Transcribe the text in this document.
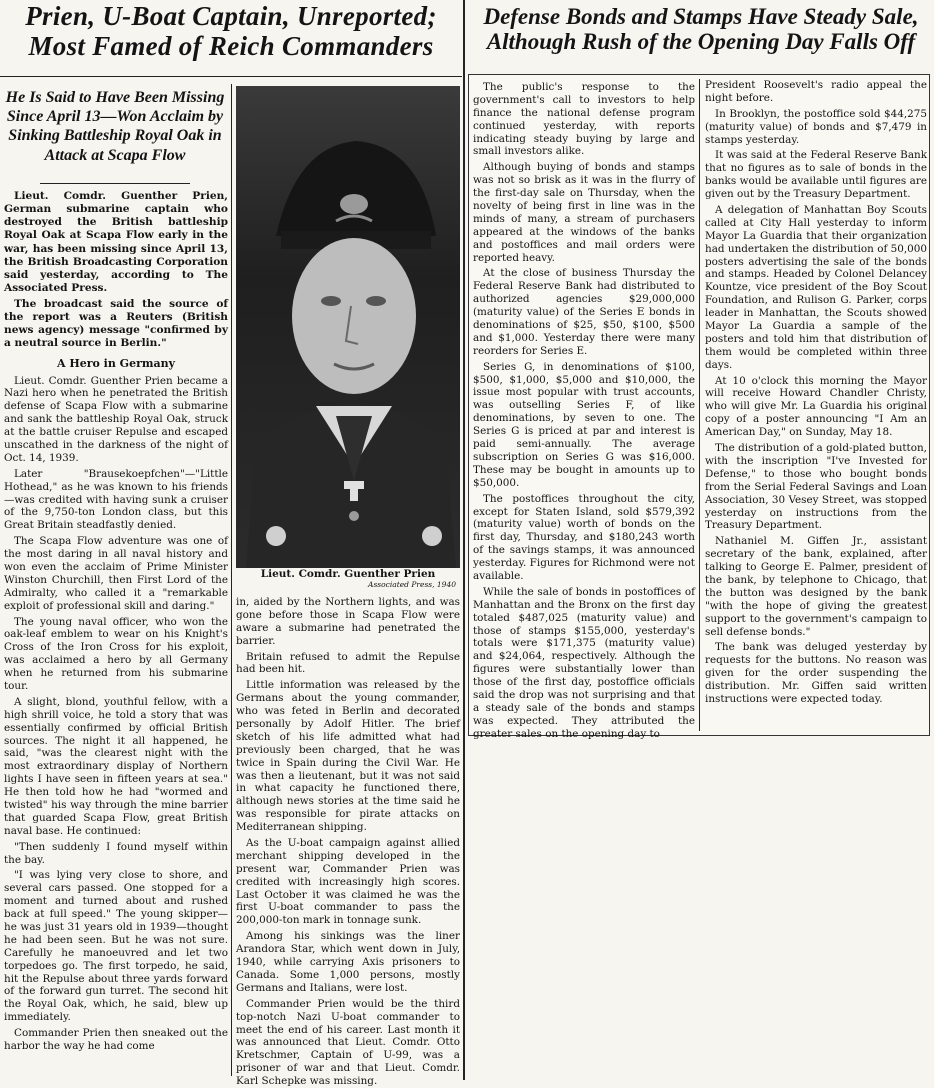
Prien, U-Boat Captain, Unreported;

Most Famed of Reich Commanders

Defense Bonds and Stamps Have Steady Sale,

Although Rush of the Opening Day Falls Off

He Is Said to Have Been Missing Since April 13—Won Acclaim by Sinking Battleship Royal Oak in Attack at Scapa Flow

Lieut. Comdr. Guenther Prien, German submarine captain who destroyed the British battleship Royal Oak at Scapa Flow early in the war, has been missing since April 13, the British Broadcasting Corporation said yesterday, according to The Associated Press.

The broadcast said the source of the report was a Reuters (British news agency) message "confirmed by a neutral source in Berlin."

A Hero in Germany

Lieut. Comdr. Guenther Prien became a Nazi hero when he penetrated the British defense of Scapa Flow with a submarine and sank the battleship Royal Oak, struck at the battle cruiser Repulse and escaped unscathed in the darkness of the night of Oct. 14, 1939.

Later "Brausekoepfchen"—"Little Hothead," as he was known to his friends—was credited with having sunk a cruiser of the 9,750-ton London class, but this Great Britain steadfastly denied.

The Scapa Flow adventure was one of the most daring in all naval history and won even the acclaim of Prime Minister Winston Churchill, then First Lord of the Admiralty, who called it a "remarkable exploit of professional skill and daring."

The young naval officer, who won the oak-leaf emblem to wear on his Knight's Cross of the Iron Cross for his exploit, was acclaimed a hero by all Germany when he returned from his submarine tour.

A slight, blond, youthful fellow, with a high shrill voice, he told a story that was essentially confirmed by official British sources. The night it all happened, he said, "was the clearest night with the most extraordinary display of Northern lights I have seen in fifteen years at sea." He then told how he had "wormed and twisted" his way through the mine barrier that guarded Scapa Flow, great British naval base. He continued:

"Then suddenly I found myself within the bay.

"I was lying very close to shore, and several cars passed. One stopped for a moment and turned about and rushed back at full speed." The young skipper—he was just 31 years old in 1939—thought he had been seen. But he was not sure. Carefully he manoeuvred and let two torpedoes go. The first torpedo, he said, hit the Repulse about three yards forward of the forward gun turret. The second hit the Royal Oak, which, he said, blew up immediately.

Commander Prien then sneaked out the harbor the way he had come

Lieut. Comdr. Guenther Prien
Associated Press, 1940

in, aided by the Northern lights, and was gone before those in Scapa Flow were aware a submarine had penetrated the barrier.

Britain refused to admit the Repulse had been hit.

Little information was released by the Germans about the young commander, who was feted in Berlin and decorated personally by Adolf Hitler. The brief sketch of his life admitted what had previously been charged, that he was twice in Spain during the Civil War. He was then a lieutenant, but it was not said in what capacity he functioned there, although news stories at the time said he was responsible for pirate attacks on Mediterranean shipping.

As the U-boat campaign against allied merchant shipping developed in the present war, Commander Prien was credited with increasingly high scores. Last October it was claimed he was the first U-boat commander to pass the 200,000-ton mark in tonnage sunk.

Among his sinkings was the liner Arandora Star, which went down in July, 1940, while carrying Axis prisoners to Canada. Some 1,000 persons, mostly Germans and Italians, were lost.

Commander Prien would be the third top-notch Nazi U-boat commander to meet the end of his career. Last month it was announced that Lieut. Comdr. Otto Kretschmer, Captain of U-99, was a prisoner of war and that Lieut. Comdr. Karl Schepke was missing.

The public's response to the government's call to investors to help finance the national defense program continued yesterday, with reports indicating steady buying by large and small investors alike.

Although buying of bonds and stamps was not so brisk as it was in the flurry of the first-day sale on Thursday, when the novelty of being first in line was in the minds of many, a stream of purchasers appeared at the windows of the banks and postoffices and mail orders were reported heavy.

At the close of business Thursday the Federal Reserve Bank had distributed to authorized agencies $29,000,000 (maturity value) of the Series E bonds in denominations of $25, $50, $100, $500 and $1,000. Yesterday there were many reorders for Series E.

Series G, in denominations of $100, $500, $1,000, $5,000 and $10,000, the issue most popular with trust accounts, was outselling Series F, of like denominations, by seven to one. The Series G is priced at par and interest is paid semi-annually. The average subscription on Series G was $16,000. These may be bought in amounts up to $50,000.

The postoffices throughout the city, except for Staten Island, sold $579,392 (maturity value) worth of bonds on the first day, Thursday, and $180,243 worth of the savings stamps, it was announced yesterday. Figures for Richmond were not available.

While the sale of bonds in postoffices of Manhattan and the Bronx on the first day totaled $487,025 (maturity value) and those of stamps $155,000, yesterday's totals were $171,375 (maturity value) and $24,064, respectively. Although the figures were substantially lower than those of the first day, postoffice officials said the drop was not surprising and that a steady sale of the bonds and stamps was expected. They attributed the greater sales on the opening day to

President Roosevelt's radio appeal the night before.

In Brooklyn, the postoffice sold $44,275 (maturity value) of bonds and $7,479 in stamps yesterday.

It was said at the Federal Reserve Bank that no figures as to sale of bonds in the banks would be available until figures are given out by the Treasury Department.

A delegation of Manhattan Boy Scouts called at City Hall yesterday to inform Mayor La Guardia that their organization had undertaken the distribution of 50,000 posters advertising the sale of the bonds and stamps. Headed by Colonel Delancey Kountze, vice president of the Boy Scout Foundation, and Rulison G. Parker, corps leader in Manhattan, the Scouts showed Mayor La Guardia a sample of the posters and told him that distribution of them would be completed within three days.

At 10 o'clock this morning the Mayor will receive Howard Chandler Christy, who will give Mr. La Guardia his original copy of a poster announcing "I Am an American Day," on Sunday, May 18.

The distribution of a gold-plated button, with the inscription "I've Invested for Defense," to those who bought bonds from the Serial Federal Savings and Loan Association, 30 Vesey Street, was stopped yesterday on instructions from the Treasury Department.

Nathaniel M. Giffen Jr., assistant secretary of the bank, explained, after talking to George E. Palmer, president of the bank, by telephone to Chicago, that the button was designed by the bank "with the hope of giving the greatest support to the government's campaign to sell defense bonds."

The bank was deluged yesterday by requests for the buttons. No reason was given for the order suspending the distribution. Mr. Giffen said written instructions were expected today.
